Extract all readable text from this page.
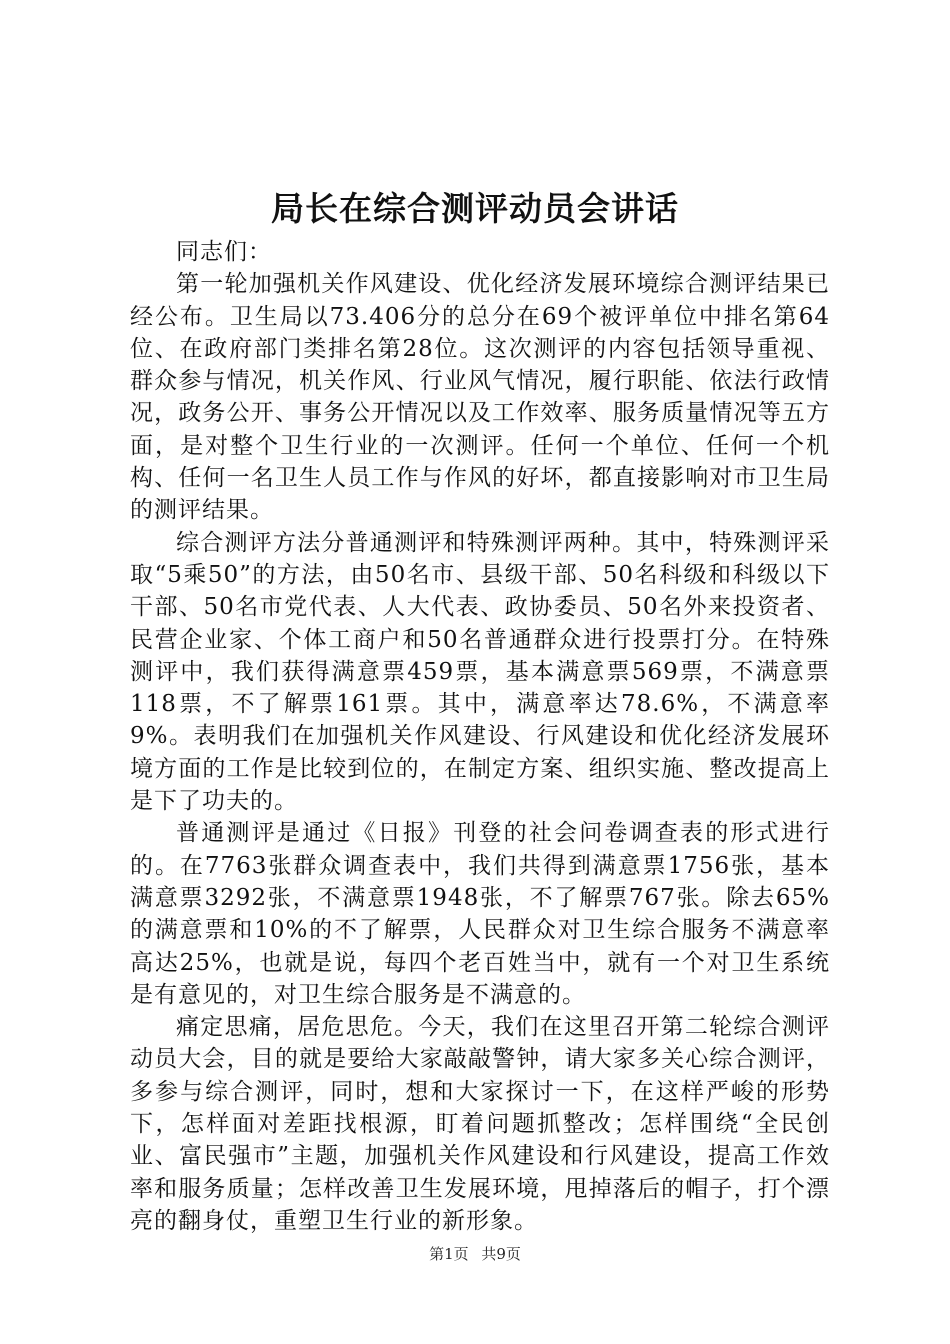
局长在综合测评动员会讲话

同志们：

第一轮加强机关作风建设、优化经济发展环境综合测评结果已经公布。卫生局以73.406分的总分在69个被评单位中排名第64位、在政府部门类排名第28位。这次测评的内容包括领导重视、群众参与情况，机关作风、行业风气情况，履行职能、依法行政情况，政务公开、事务公开情况以及工作效率、服务质量情况等五方面，是对整个卫生行业的一次测评。任何一个单位、任何一个机构、任何一名卫生人员工作与作风的好坏，都直接影响对市卫生局的测评结果。

综合测评方法分普通测评和特殊测评两种。其中，特殊测评采取“5乘50”的方法，由50名市、县级干部、50名科级和科级以下干部、50名市党代表、人大代表、政协委员、50名外来投资者、民营企业家、个体工商户和50名普通群众进行投票打分。在特殊测评中，我们获得满意票459票，基本满意票569票，不满意票118票，不了解票161票。其中，满意率达78.6%，不满意率9%。表明我们在加强机关作风建设、行风建设和优化经济发展环境方面的工作是比较到位的，在制定方案、组织实施、整改提高上是下了功夫的。

普通测评是通过《日报》刊登的社会问卷调查表的形式进行的。在7763张群众调查表中，我们共得到满意票1756张，基本满意票3292张，不满意票1948张，不了解票767张。除去65%的满意票和10%的不了解票，人民群众对卫生综合服务不满意率高达25%，也就是说，每四个老百姓当中，就有一个对卫生系统是有意见的，对卫生综合服务是不满意的。

痛定思痛，居危思危。今天，我们在这里召开第二轮综合测评动员大会，目的就是要给大家敲敲警钟，请大家多关心综合测评，多参与综合测评，同时，想和大家探讨一下，在这样严峻的形势下，怎样面对差距找根源，盯着问题抓整改；怎样围绕“全民创业、富民强市”主题，加强机关作风建设和行风建设，提高工作效率和服务质量；怎样改善卫生发展环境，甩掉落后的帽子，打个漂亮的翻身仗，重塑卫生行业的新形象。

第1页 共9页
